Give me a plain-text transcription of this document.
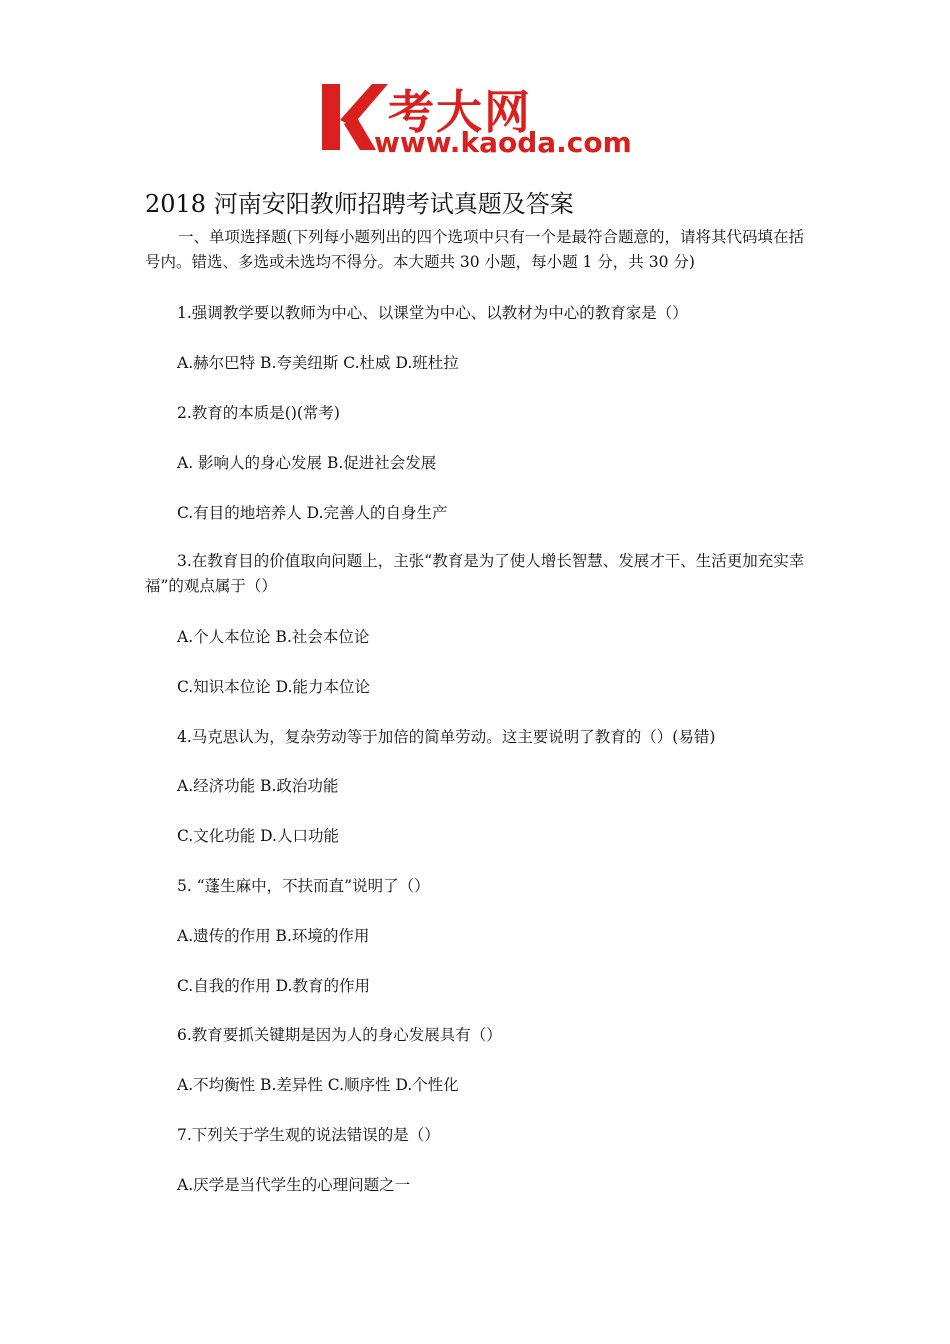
考大网
www.kaoda.com
2018 河南安阳教师招聘考试真题及答案

一、单项选择题(下列每小题列出的四个选项中只有一个是最符合题意的，请将其代码填在括号内。错选、多选或未选均不得分。本大题共 30 小题，每小题 1 分，共 30 分)

1.强调教学要以教师为中心、以课堂为中心、以教材为中心的教育家是（）

A.赫尔巴特 B.夸美纽斯 C.杜威 D.班杜拉

2.教育的本质是()(常考)

A. 影响人的身心发展 B.促进社会发展

C.有目的地培养人 D.完善人的自身生产

3.在教育目的价值取向问题上，主张“教育是为了使人增长智慧、发展才干、生活更加充实幸福”的观点属于（）

A.个人本位论 B.社会本位论

C.知识本位论 D.能力本位论

4.马克思认为，复杂劳动等于加倍的简单劳动。这主要说明了教育的（）(易错)

A.经济功能 B.政治功能

C.文化功能 D.人口功能

5. “蓬生麻中，不扶而直”说明了（）

A.遗传的作用 B.环境的作用

C.自我的作用 D.教育的作用

6.教育要抓关键期是因为人的身心发展具有（）

A.不均衡性 B.差异性 C.顺序性 D.个性化

7.下列关于学生观的说法错误的是（）

A.厌学是当代学生的心理问题之一
